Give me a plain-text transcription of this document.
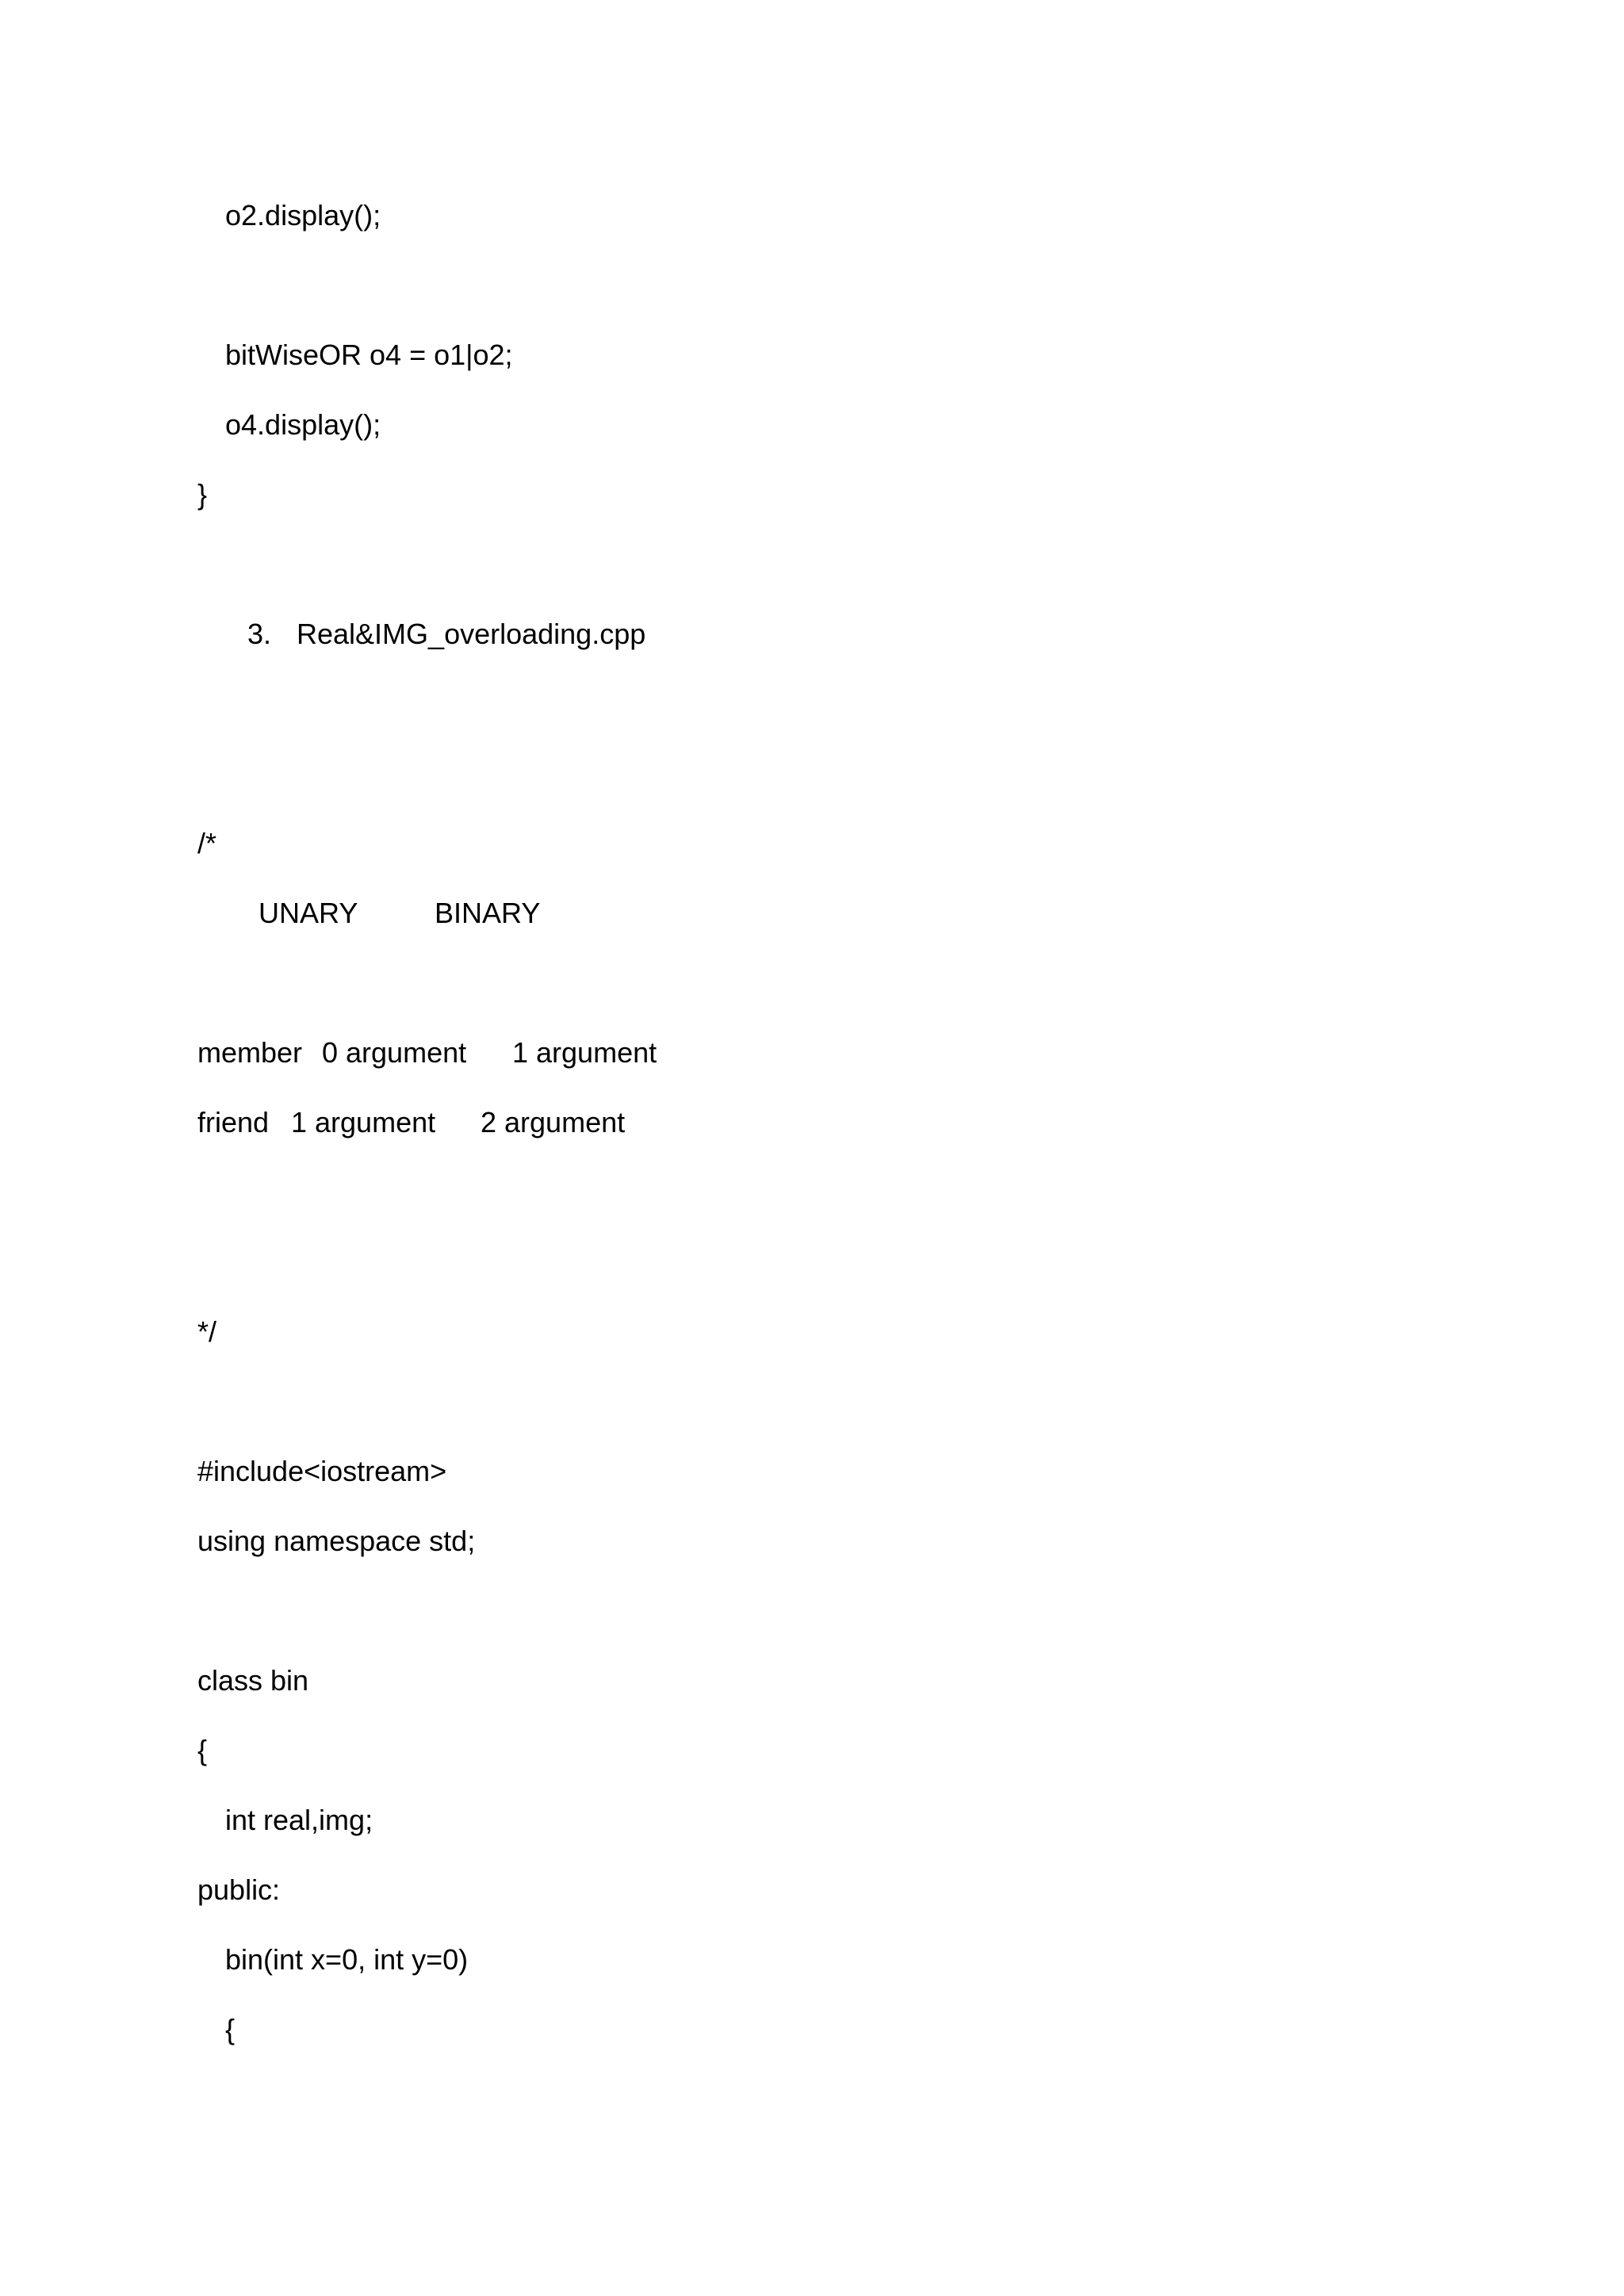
o2.display();
bitWiseOR o4 = o1|o2;
o4.display();
}
3. Real&IMG_overloading.cpp
/*
UNARY	BINARY
member 0 argument 1 argument
friend 1 argument 2 argument
*/
#include<iostream>
using namespace std;
class bin
{
int real,img;
public:
bin(int x=0, int y=0)
{
